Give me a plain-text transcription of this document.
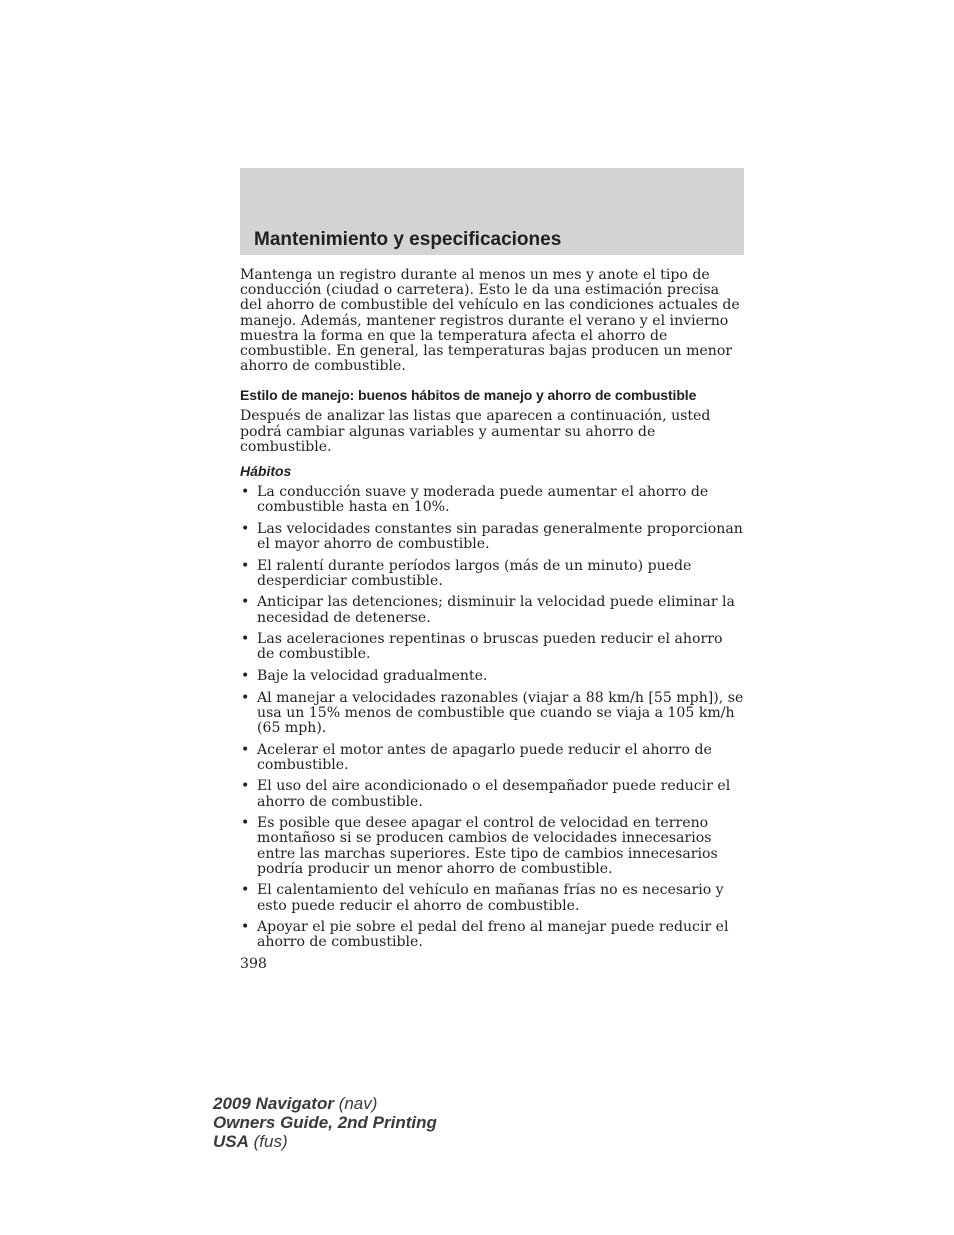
Mantenimiento y especificaciones

Mantenga un registro durante al menos un mes y anote el tipo de conducción (ciudad o carretera). Esto le da una estimación precisa del ahorro de combustible del vehículo en las condiciones actuales de manejo. Además, mantener registros durante el verano y el invierno muestra la forma en que la temperatura afecta el ahorro de combustible. En general, las temperaturas bajas producen un menor ahorro de combustible.

Estilo de manejo: buenos hábitos de manejo y ahorro de combustible

Después de analizar las listas que aparecen a continuación, usted podrá cambiar algunas variables y aumentar su ahorro de combustible.

Hábitos
• La conducción suave y moderada puede aumentar el ahorro de combustible hasta en 10%.
• Las velocidades constantes sin paradas generalmente proporcionan el mayor ahorro de combustible.
• El ralentí durante períodos largos (más de un minuto) puede desperdiciar combustible.
• Anticipar las detenciones; disminuir la velocidad puede eliminar la necesidad de detenerse.
• Las aceleraciones repentinas o bruscas pueden reducir el ahorro de combustible.
• Baje la velocidad gradualmente.
• Al manejar a velocidades razonables (viajar a 88 km/h [55 mph]), se usa un 15% menos de combustible que cuando se viaja a 105 km/h (65 mph).
• Acelerar el motor antes de apagarlo puede reducir el ahorro de combustible.
• El uso del aire acondicionado o el desempañador puede reducir el ahorro de combustible.
• Es posible que desee apagar el control de velocidad en terreno montañoso si se producen cambios de velocidades innecesarios entre las marchas superiores. Este tipo de cambios innecesarios podría producir un menor ahorro de combustible.
• El calentamiento del vehículo en mañanas frías no es necesario y esto puede reducir el ahorro de combustible.
• Apoyar el pie sobre el pedal del freno al manejar puede reducir el ahorro de combustible.

398

2009 Navigator (nav)
Owners Guide, 2nd Printing
USA (fus)
